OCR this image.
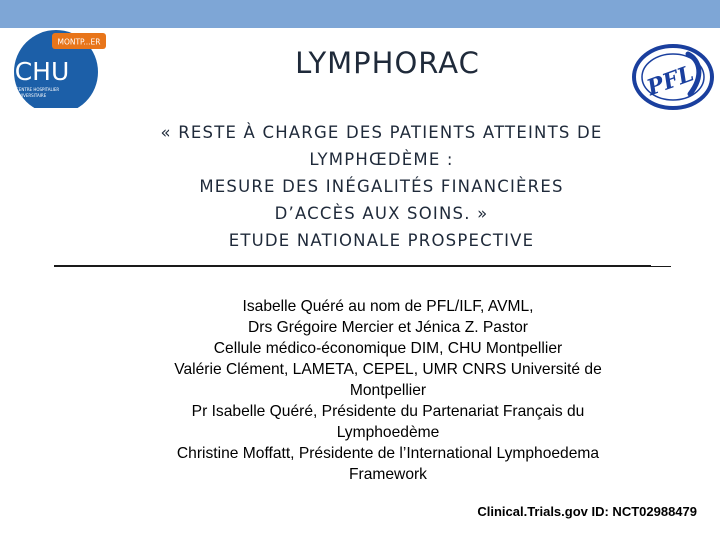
MONTP...ER
CHU
CENTRE HOSPITALIER
UNIVERSITAIRE	PFL
LYMPHORAC
« RESTE À CHARGE DES PATIENTS ATTEINTS DE
LYMPHŒDÈME :
MESURE DES INÉGALITÉS FINANCIÈRES
D’ACCÈS AUX SOINS. »
ETUDE NATIONALE PROSPECTIVE
Isabelle Quéré au nom de PFL/ILF, AVML,
Drs Grégoire Mercier et Jénica Z. Pastor
Cellule médico-économique DIM, CHU Montpellier
Valérie Clément, LAMETA, CEPEL, UMR CNRS Université de
Montpellier
Pr Isabelle Quéré, Présidente du Partenariat Français du
Lymphoedème
Christine Moffatt, Présidente de l’International Lymphoedema
Framework
Clinical.Trials.gov ID: NCT02988479
